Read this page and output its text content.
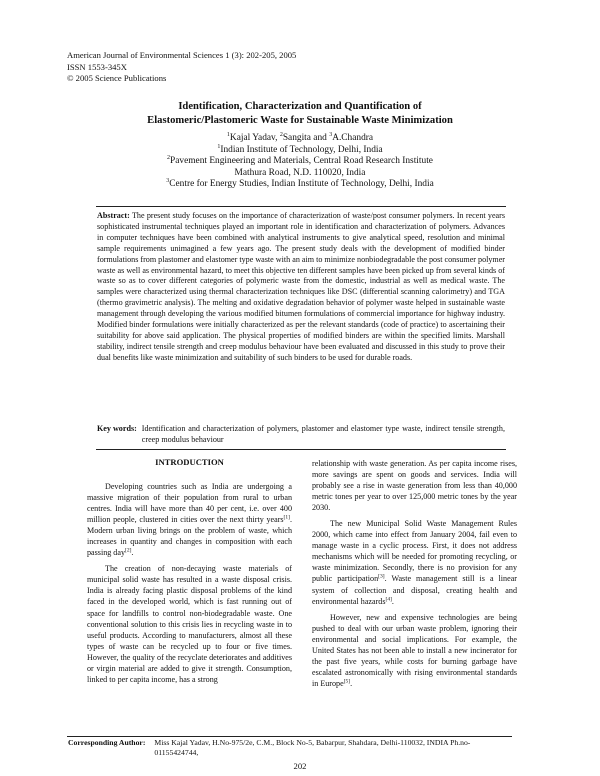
American Journal of Environmental Sciences 1 (3): 202-205, 2005
ISSN 1553-345X
© 2005 Science Publications
Identification, Characterization and Quantification of
Elastomeric/Plastomeric Waste for Sustainable Waste Minimization
$^1$Kajal Yadav, $^2$Sangita and $^3$A.Chandra
$^1$Indian Institute of Technology, Delhi, India
$^2$Pavement Engineering and Materials, Central Road Research Institute
Mathura Road, N.D. 110020, India
$^3$Centre for Energy Studies, Indian Institute of Technology, Delhi, India
Abstract: The present study focuses on the importance of characterization of waste/post consumer polymers. In recent years sophisticated instrumental techniques played an important role in identification and characterization of polymers. Advances in computer techniques have been combined with analytical instruments to give analytical speed, resolution and minimal sample requirements unimagined a few years ago. The present study deals with the development of modified binder formulations from plastomer and elastomer type waste with an aim to minimize nonbiodegradable the post consumer polymer waste as well as environmental hazard, to meet this objective ten different samples have been picked up from several kinds of waste so as to cover different categories of polymeric waste from the domestic, industrial as well as medical waste. The samples were characterized using thermal characterization techniques like DSC (differential scanning calorimetry) and TGA (thermo gravimetric analysis). The melting and oxidative degradation behavior of polymer waste helped in sustainable waste management through developing the various modified bitumen formulations of commercial importance for highway industry. Modified binder formulations were initially characterized as per the relevant standards (code of practice) to ascertaining their suitability for above said application. The physical properties of modified binders are within the specified limits. Marshall stability, indirect tensile strength and creep modulus behaviour have been evaluated and discussed in this study to prove their dual benefits like waste minimization and suitability of such binders to be used for durable roads.
Key words: Identification and characterization of polymers, plastomer and elastomer type waste, indirect tensile strength, creep modulus behaviour
INTRODUCTION

Developing countries such as India are undergoing a massive migration of their population from rural to urban centres. India will have more than 40 per cent, i.e. over 400 million people, clustered in cities over the next thirty years[1]. Modern urban living brings on the problem of waste, which increases in quantity and changes in composition with each passing day[2].

The creation of non-decaying waste materials of municipal solid waste has resulted in a waste disposal crisis. India is already facing plastic disposal problems of the kind faced in the developed world, which is fast running out of space for landfills to control non-biodegradable waste. One conventional solution to this crisis lies in recycling waste in to useful products. According to manufacturers, almost all these types of waste can be recycled up to four or five times. However, the quality of the recyclate deteriorates and additives or virgin material are added to give it strength. Consumption, linked to per capita income, has a strong

relationship with waste generation. As per capita income rises, more savings are spent on goods and services. India will probably see a rise in waste generation from less than 40,000 metric tones per year to over 125,000 metric tones by the year 2030.

The new Municipal Solid Waste Management Rules 2000, which came into effect from January 2004, fail even to manage waste in a cyclic process. First, it does not address mechanisms which will be needed for promoting recycling, or waste minimization. Secondly, there is no provision for any public participation[3]. Waste management still is a linear system of collection and disposal, creating health and environmental hazards[4].

However, new and expensive technologies are being pushed to deal with our urban waste problem, ignoring their environmental and social implications. For example, the United States has not been able to install a new incinerator for the past five years, while costs for burning garbage have escalated astronomically with rising environmental standards in Europe[5].

Corresponding Author: Miss Kajal Yadav, H.No-975/2e, C.M., Block No-5, Babarpur, Shahdara, Delhi-110032, INDIA Ph.no-01155424744,
202
